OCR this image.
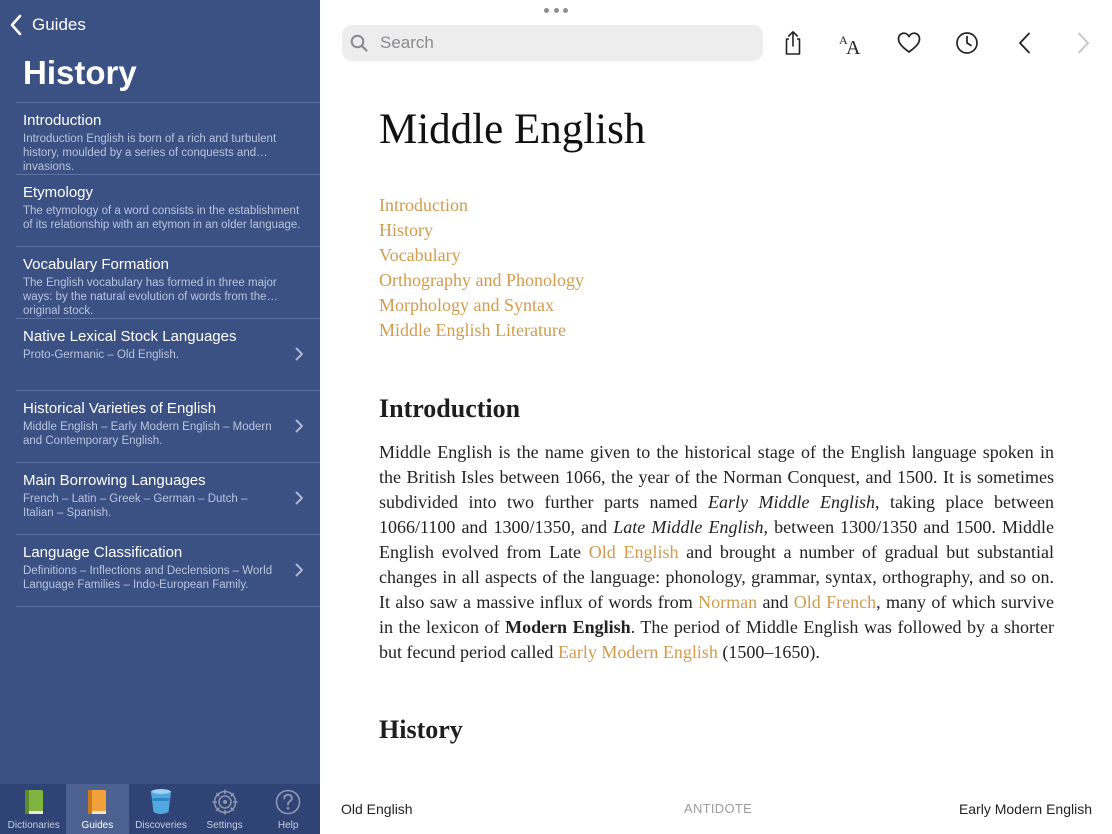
Guides
History
Introduction
Introduction English is born of a rich and turbulent history, moulded by a series of conquests and invasions.
Etymology
The etymology of a word consists in the establishment of its relationship with an etymon in an older language.
Vocabulary Formation
The English vocabulary has formed in three major ways: by the natural evolution of words from the original stock.
Native Lexical Stock Languages
Proto-Germanic – Old English.
Historical Varieties of English
Middle English – Early Modern English – Modern and Contemporary English.
Main Borrowing Languages
French – Latin – Greek – German – Dutch – Italian – Spanish.
Language Classification
Definitions – Inflections and Declensions – World Language Families – Indo-European Family.
Dictionaries Guides Discoveries Settings	Help
Search
A
A
Middle English
Introduction
History
Vocabulary
Orthography and Phonology
Morphology and Syntax
Middle English Literature
Introduction

Middle English is the name given to the historical stage of the English language spoken in the British Isles between 1066, the year of the Norman Conquest, and 1500. It is sometimes subdivided into two further parts named Early Middle English, taking place between 1066/1100 and 1300/1350, and Late Middle English, between 1300/1350 and 1500. Middle English evolved from Late Old English and brought a number of gradual but substantial changes in all aspects of the language: phonology, grammar, syntax, orthography, and so on. It also saw a massive influx of words from Norman and Old French, many of which survive in the lexicon of Modern English. The period of Middle English was followed by a shorter but fecund period called Early Modern English (1500–1650).

History
Old English	ANTIDOTE	Early Modern English
